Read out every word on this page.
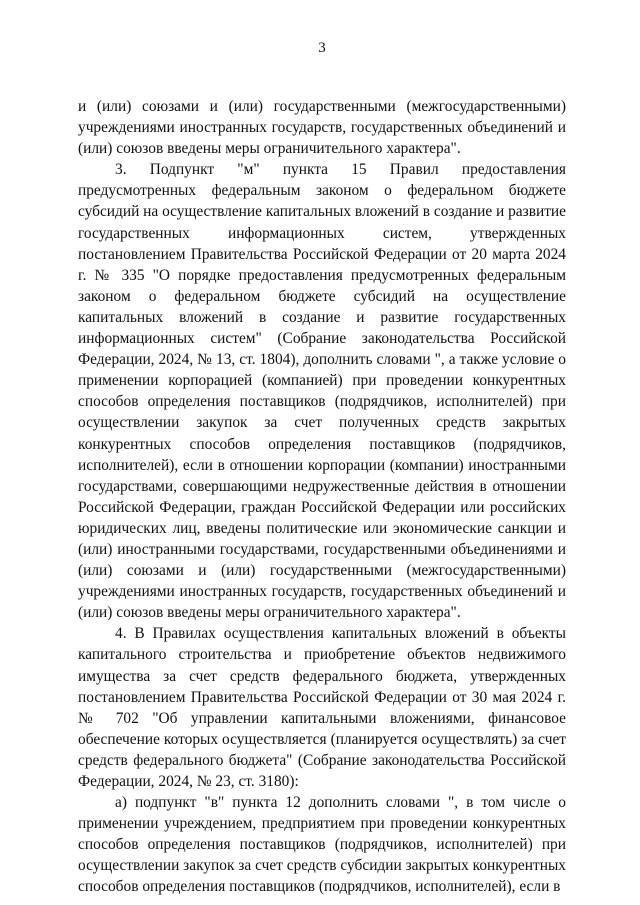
3

и (или) союзами и (или) государственными (межгосударственными) учреждениями иностранных государств, государственных объединений и (или) союзов введены меры ограничительного характера".

3. Подпункт "м" пункта 15 Правил предоставления предусмотренных федеральным законом о федеральном бюджете субсидий на осуществление капитальных вложений в создание и развитие государственных информационных систем, утвержденных постановлением Правительства Российской Федерации от 20 марта 2024 г. № 335 "О порядке предоставления предусмотренных федеральным законом о федеральном бюджете субсидий на осуществление капитальных вложений в создание и развитие государственных информационных систем" (Собрание законодательства Российской Федерации, 2024, № 13, ст. 1804), дополнить словами ", а также условие о применении корпорацией (компанией) при проведении конкурентных способов определения поставщиков (подрядчиков, исполнителей) при осуществлении закупок за счет полученных средств закрытых конкурентных способов определения поставщиков (подрядчиков, исполнителей), если в отношении корпорации (компании) иностранными государствами, совершающими недружественные действия в отношении Российской Федерации, граждан Российской Федерации или российских юридических лиц, введены политические или экономические санкции и (или) иностранными государствами, государственными объединениями и (или) союзами и (или) государственными (межгосударственными) учреждениями иностранных государств, государственных объединений и (или) союзов введены меры ограничительного характера".

4. В Правилах осуществления капитальных вложений в объекты капитального строительства и приобретение объектов недвижимого имущества за счет средств федерального бюджета, утвержденных постановлением Правительства Российской Федерации от 30 мая 2024 г. № 702 "Об управлении капитальными вложениями, финансовое обеспечение которых осуществляется (планируется осуществлять) за счет средств федерального бюджета" (Собрание законодательства Российской Федерации, 2024, № 23, ст. 3180):

а) подпункт "в" пункта 12 дополнить словами ", в том числе о применении учреждением, предприятием при проведении конкурентных способов определения поставщиков (подрядчиков, исполнителей) при осуществлении закупок за счет средств субсидии закрытых конкурентных способов определения поставщиков (подрядчиков, исполнителей), если в
